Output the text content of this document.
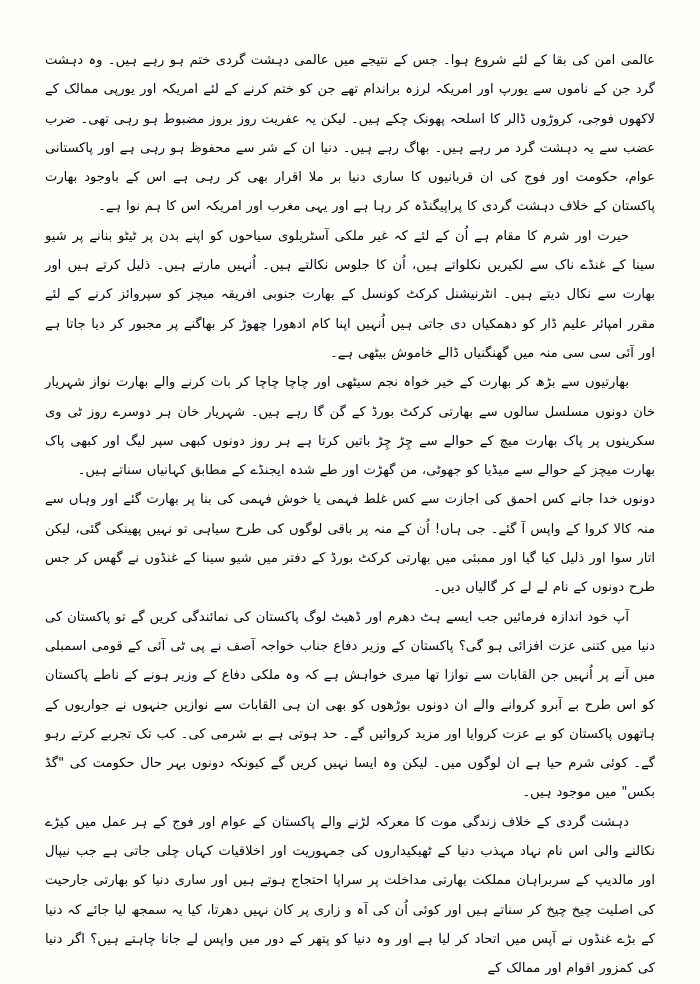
عالمی امن کی بقا کے لئے شروع ہوا۔ جس کے نتیجے میں عالمی دہشت گردی ختم ہو رہے ہیں۔ وہ دہشت گرد جن کے ناموں سے یورپ اور امریکہ لرزہ براندام تھے جن کو ختم کرنے کے لئے امریکہ اور یورپی ممالک کے لاکھوں فوجی، کروڑوں ڈالر کا اسلحہ پھونک چکے ہیں۔ لیکن یہ عفریت روز بروز مضبوط ہو رہی تھی۔ ضرب عضب سے یہ دہشت گرد مر رہے ہیں۔ بھاگ رہے ہیں۔ دنیا ان کے شر سے محفوظ ہو رہی ہے اور پاکستانی عوام، حکومت اور فوج کی ان قربانیوں کا ساری دنیا بر ملا اقرار بھی کر رہی ہے اس کے باوجود بھارت پاکستان کے خلاف دہشت گردی کا پراپیگنڈہ کر رہا ہے اور یہی مغرب اور امریکہ اس کا ہم نوا ہے۔

حیرت اور شرم کا مقام ہے اُن کے لئے کہ غیر ملکی آسٹریلوی سیاحوں کو اپنے بدن پر ٹیٹو بنانے پر شیو سینا کے غنڈے ناک سے لکیریں نکلواتے ہیں، اُن کا جلوس نکالتے ہیں۔ اُنہیں مارتے ہیں۔ ذلیل کرتے ہیں اور بھارت سے نکال دیتے ہیں۔ انٹرنیشنل کرکٹ کونسل کے بھارت جنوبی افریقہ میچز کو سپروائز کرنے کے لئے مقرر امپائر علیم ڈار کو دھمکیاں دی جاتی ہیں اُنہیں اپنا کام ادھورا چھوڑ کر بھاگنے پر مجبور کر دیا جاتا ہے اور آئی سی سی منہ میں گھنگنیاں ڈالے خاموش بیٹھی ہے۔

بھارتیوں سے بڑھ کر بھارت کے خیر خواہ نجم سیٹھی اور چاچا چاچا کر بات کرنے والے بھارت نواز شہریار خان دونوں مسلسل سالوں سے بھارتی کرکٹ بورڈ کے گن گا رہے ہیں۔ شہریار خان ہر دوسرے روز ٹی وی سکرینوں پر پاک بھارت میچ کے حوالے سے چِڑ چِڑ باتیں کرتا ہے ہر روز دونوں کبھی سپر لیگ اور کبھی پاک بھارت میچز کے حوالے سے میڈیا کو جھوٹی، من گھڑت اور طے شدہ ایجنڈے کے مطابق کہانیاں سناتے ہیں۔

دونوں خدا جانے کس احمق کی اجازت سے کس غلط فہمی یا خوش فہمی کی بنا پر بھارت گئے اور وہاں سے منہ کالا کروا کے واپس آ گئے۔ جی ہاں! اُن کے منہ پر باقی لوگوں کی طرح سیاہی تو نہیں پھینکی گئی، لیکن اتار سوا اور ذلیل کیا گیا اور ممبئی میں بھارتی کرکٹ بورڈ کے دفتر میں شیو سینا کے غنڈوں نے گھس کر جس طرح دونوں کے نام لے لے کر گالیاں دیں۔

آپ خود اندازہ فرمائیں جب ایسے ہٹ دھرم اور ڈھیٹ لوگ پاکستان کی نمائندگی کریں گے تو پاکستان کی دنیا میں کتنی عزت افزائی ہو گی؟ پاکستان کے وزیر دفاع جناب خواجہ آصف نے پی ٹی آئی کے قومی اسمبلی میں آنے پر اُنہیں جن القابات سے نوازا تھا میری خواہش ہے کہ وہ ملکی دفاع کے وزیر ہونے کے ناطے پاکستان کو اس طرح بے آبرو کروانے والے ان دونوں بوڑھوں کو بھی ان ہی القابات سے نوازیں جنہوں نے جواریوں کے ہاتھوں پاکستان کو بے عزت کروایا اور مزید کروائیں گے۔ حد ہوتی ہے بے شرمی کی۔ کب تک تجربے کرتے رہو گے۔ کوئی شرم حیا ہے ان لوگوں میں۔ لیکن وہ ایسا نہیں کریں گے کیونکہ دونوں بہر حال حکومت کی "گڈ بکس" میں موجود ہیں۔

دہشت گردی کے خلاف زندگی موت کا معرکہ لڑنے والے پاکستان کے عوام اور فوج کے ہر عمل میں کیڑے نکالنے والی اس نام نہاد مہذب دنیا کے ٹھیکیداروں کی جمہوریت اور اخلاقیات کہاں چلی جاتی ہے جب نیپال اور مالدیپ کے سربراہان مملکت بھارتی مداخلت پر سراپا احتجاج ہوتے ہیں اور ساری دنیا کو بھارتی جارحیت کی اصلیت چیخ چیخ کر سناتے ہیں اور کوئی اُن کی آہ و زاری پر کان نہیں دھرتا، کیا یہ سمجھ لیا جائے کہ دنیا کے بڑے غنڈوں نے آپس میں اتحاد کر لیا ہے اور وہ دنیا کو پتھر کے دور میں واپس لے جانا چاہتے ہیں؟ اگر دنیا کی کمزور اقوام اور ممالک کے
